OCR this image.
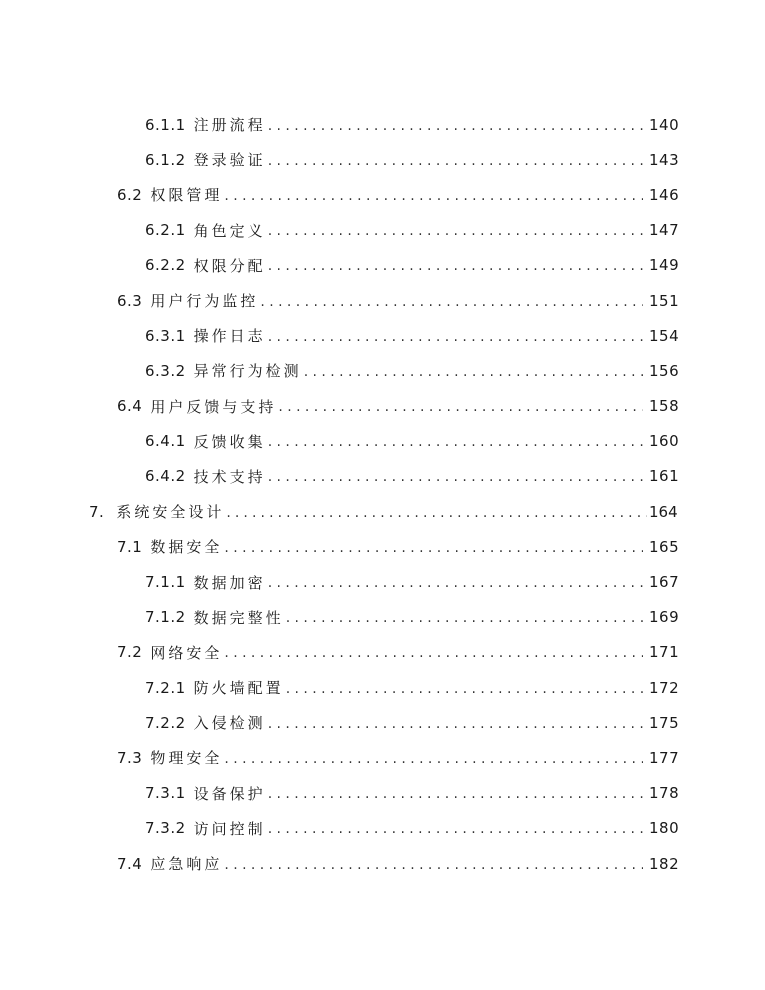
6.1.1 注册流程 .....	140
6.1.2 登录验证 .....	143
6.2 权限管理 .....	146
6.2.1 角色定义 .....	147
6.2.2 权限分配 .....	149
6.3 用户行为监控 .....	151
6.3.1 操作日志 .....	154
6.3.2 异常行为检测 .....	156
6.4 用户反馈与支持 .....	158
6.4.1 反馈收集 .....	160
6.4.2 技术支持 .....	161
7. 系统安全设计 .....	164
7.1 数据安全 .....	165
7.1.1 数据加密 .....	167
7.1.2 数据完整性 .....	169
7.2 网络安全 .....	171
7.2.1 防火墙配置 .....	172
7.2.2 入侵检测 .....	175
7.3 物理安全 .....	177
7.3.1 设备保护 .....	178
7.3.2 访问控制 .....	180
7.4 应急响应 .....	182
